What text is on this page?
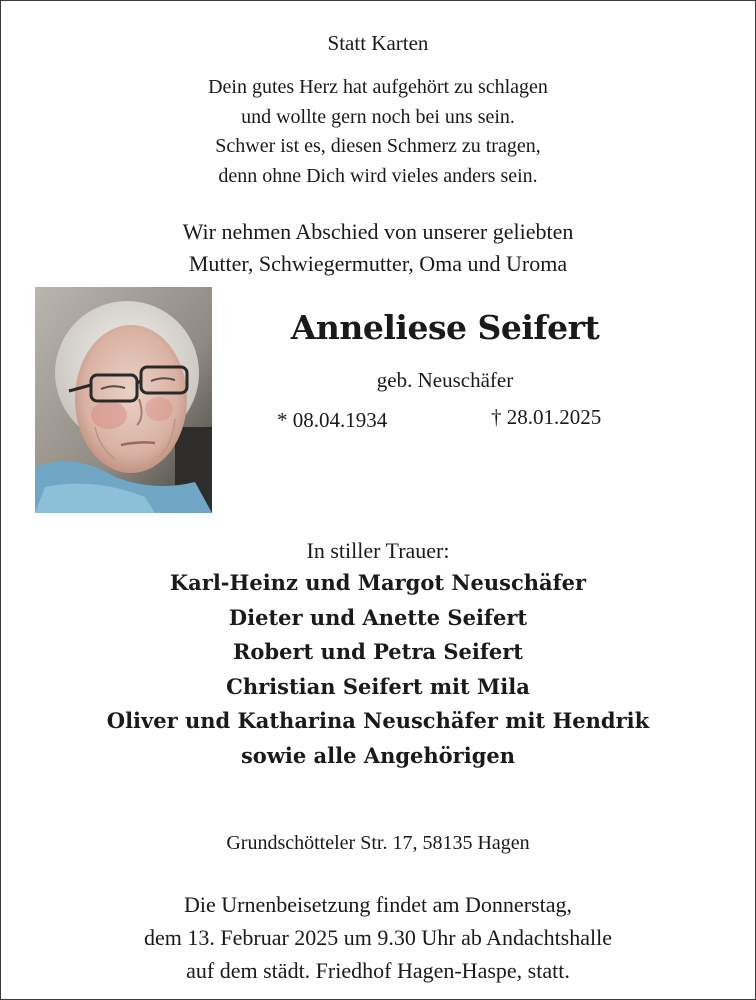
Statt Karten
Dein gutes Herz hat aufgehört zu schlagen
und wollte gern noch bei uns sein.
Schwer ist es, diesen Schmerz zu tragen,
denn ohne Dich wird vieles anders sein.
Wir nehmen Abschied von unserer geliebten
Mutter, Schwiegermutter, Oma und Uroma
Anneliese Seifert
geb. Neuschäfer
* 08.04.1934	† 28.01.2025
In stiller Trauer:
Karl-Heinz und Margot Neuschäfer
Dieter und Anette Seifert
Robert und Petra Seifert
Christian Seifert mit Mila
Oliver und Katharina Neuschäfer mit Hendrik
sowie alle Angehörigen
Grundschötteler Str. 17, 58135 Hagen
Die Urnenbeisetzung findet am Donnerstag,
dem 13. Februar 2025 um 9.30 Uhr ab Andachtshalle
auf dem städt. Friedhof Hagen-Haspe, statt.
